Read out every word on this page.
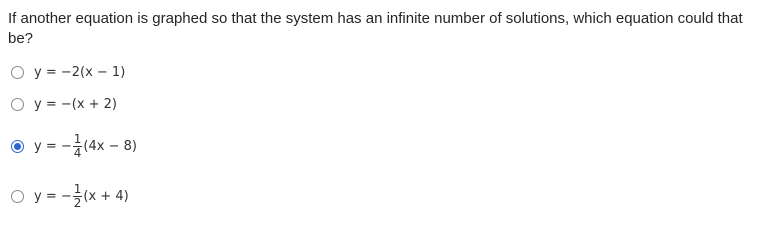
If another equation is graphed so that the system has an infinite number of solutions, which equation could that be?
y = −2(x − 1)
y = −(x + 2)
y = − $\frac{1}{4} (4x - 8)$
y = − $\frac{1}{2} (x + 4)$
